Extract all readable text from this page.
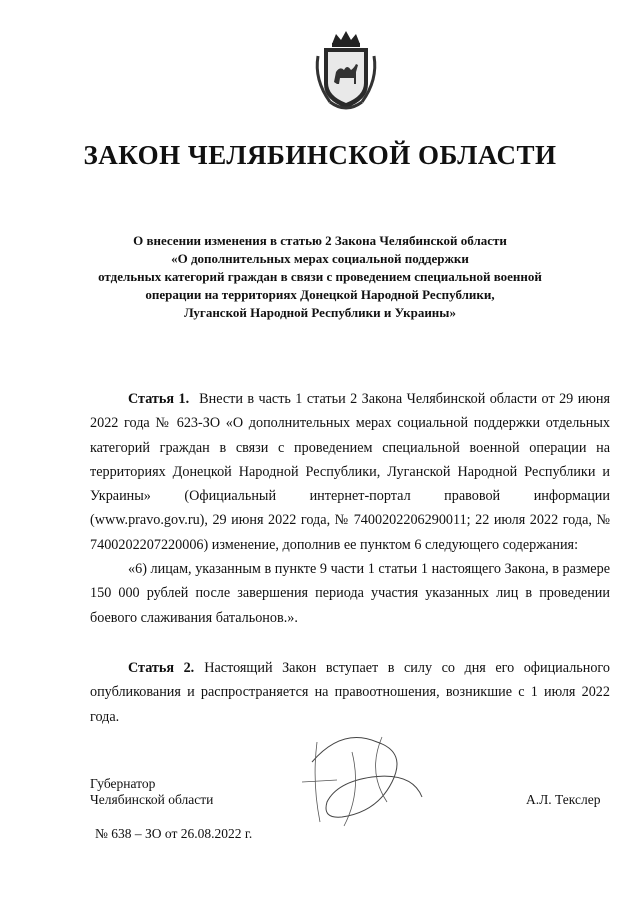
ЗАКОН ЧЕЛЯБИНСКОЙ ОБЛАСТИ
О внесении изменения в статью 2 Закона Челябинской области
«О дополнительных мерах социальной поддержки
отдельных категорий граждан в связи с проведением специальной военной
операции на территориях Донецкой Народной Республики,
Луганской Народной Республики и Украины»

Статья 1. Внести в часть 1 статьи 2 Закона Челябинской области от 29 июня 2022 года № 623-ЗО «О дополнительных мерах социальной поддержки отдельных категорий граждан в связи с проведением специальной военной операции на территориях Донецкой Народной Республики, Луганской Народной Республики и Украины» (Официальный интернет-портал правовой информации (www.pravo.gov.ru), 29 июня 2022 года, № 7400202206290011; 22 июля 2022 года, № 7400202207220006) изменение, дополнив ее пунктом 6 следующего содержания:

«6) лицам, указанным в пункте 9 части 1 статьи 1 настоящего Закона, в размере 150 000 рублей после завершения периода участия указанных лиц в проведении боевого слаживания батальонов.».

Статья 2. Настоящий Закон вступает в силу со дня его официального опубликования и распространяется на правоотношения, возникшие с 1 июля 2022 года.

Губернатор
Челябинской области	А.Л. Текслер
№ 638 – ЗО от 26.08.2022 г.
